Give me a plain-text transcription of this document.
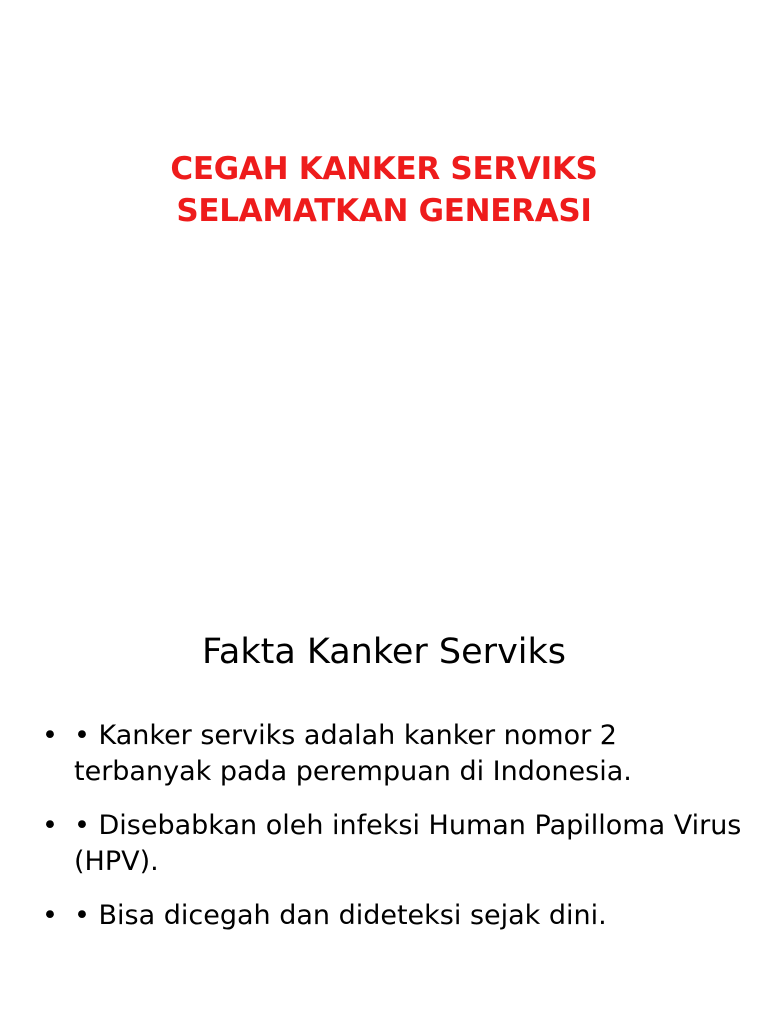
CEGAH KANKER SERVIKS
SELAMATKAN GENERASI
Fakta Kanker Serviks
• • Kanker serviks adalah kanker nomor 2 terbanyak pada perempuan di Indonesia.
• • Disebabkan oleh infeksi Human Papilloma Virus (HPV).
• • Bisa dicegah dan dideteksi sejak dini.
